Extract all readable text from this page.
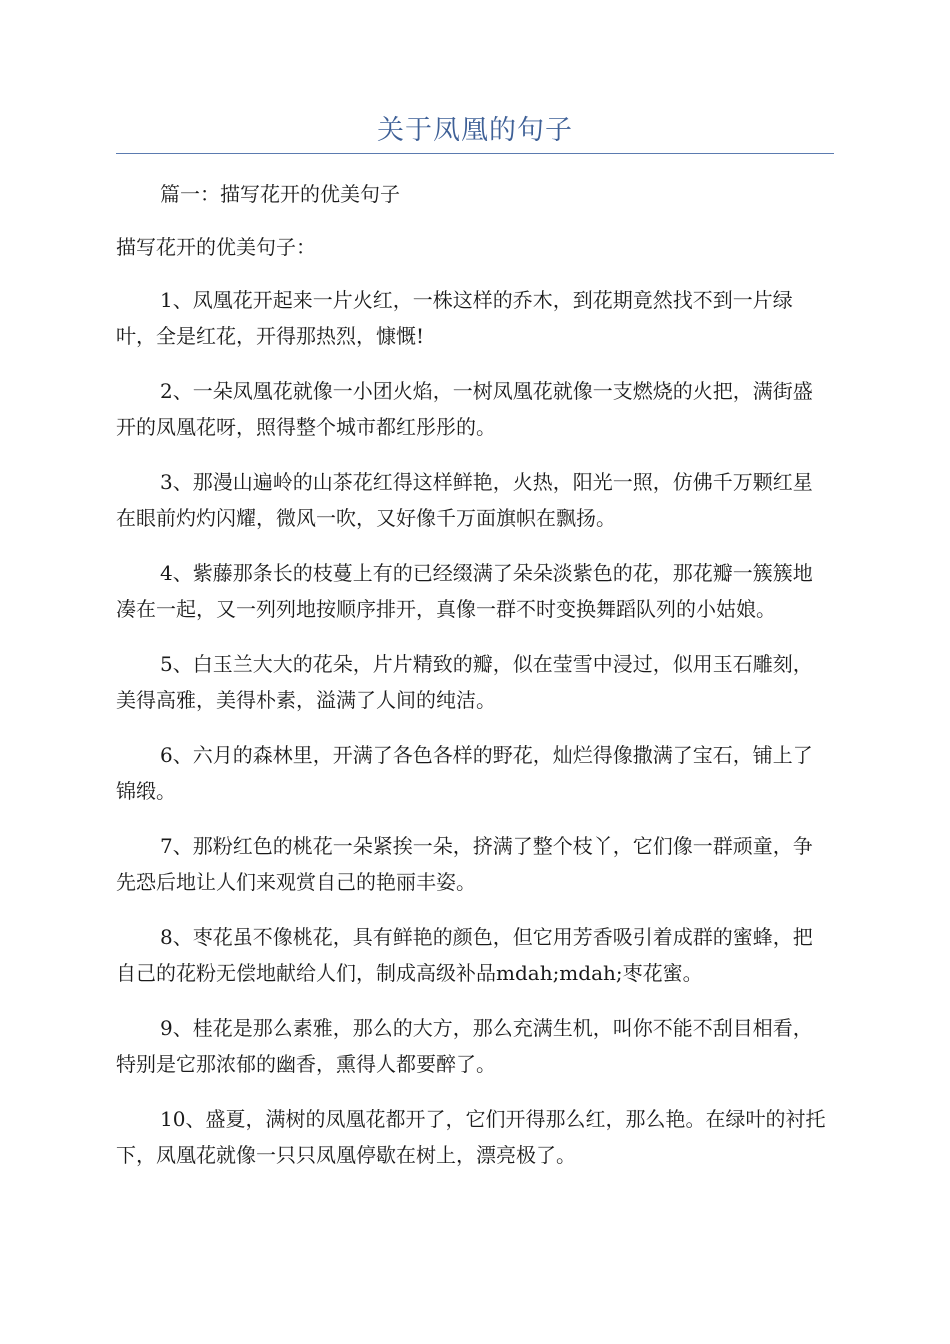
关于凤凰的句子

篇一：描写花开的优美句子

描写花开的优美句子：

1、凤凰花开起来一片火红，一株这样的乔木，到花期竟然找不到一片绿叶，全是红花，开得那热烈，慷慨!

2、一朵凤凰花就像一小团火焰，一树凤凰花就像一支燃烧的火把，满街盛开的凤凰花呀，照得整个城市都红彤彤的。

3、那漫山遍岭的山茶花红得这样鲜艳，火热，阳光一照，仿佛千万颗红星在眼前灼灼闪耀，微风一吹，又好像千万面旗帜在飘扬。

4、紫藤那条长的枝蔓上有的已经缀满了朵朵淡紫色的花，那花瓣一簇簇地凑在一起，又一列列地按顺序排开，真像一群不时变换舞蹈队列的小姑娘。

5、白玉兰大大的花朵，片片精致的瓣，似在莹雪中浸过，似用玉石雕刻，美得高雅，美得朴素，溢满了人间的纯洁。

6、六月的森林里，开满了各色各样的野花，灿烂得像撒满了宝石，铺上了锦缎。

7、那粉红色的桃花一朵紧挨一朵，挤满了整个枝丫，它们像一群顽童，争先恐后地让人们来观赏自己的艳丽丰姿。

8、枣花虽不像桃花，具有鲜艳的颜色，但它用芳香吸引着成群的蜜蜂，把自己的花粉无偿地献给人们，制成高级补品mdah;mdah;枣花蜜。

9、桂花是那么素雅，那么的大方，那么充满生机，叫你不能不刮目相看，特别是它那浓郁的幽香，熏得人都要醉了。

10、盛夏，满树的凤凰花都开了，它们开得那么红，那么艳。在绿叶的衬托下，凤凰花就像一只只凤凰停歇在树上，漂亮极了。
